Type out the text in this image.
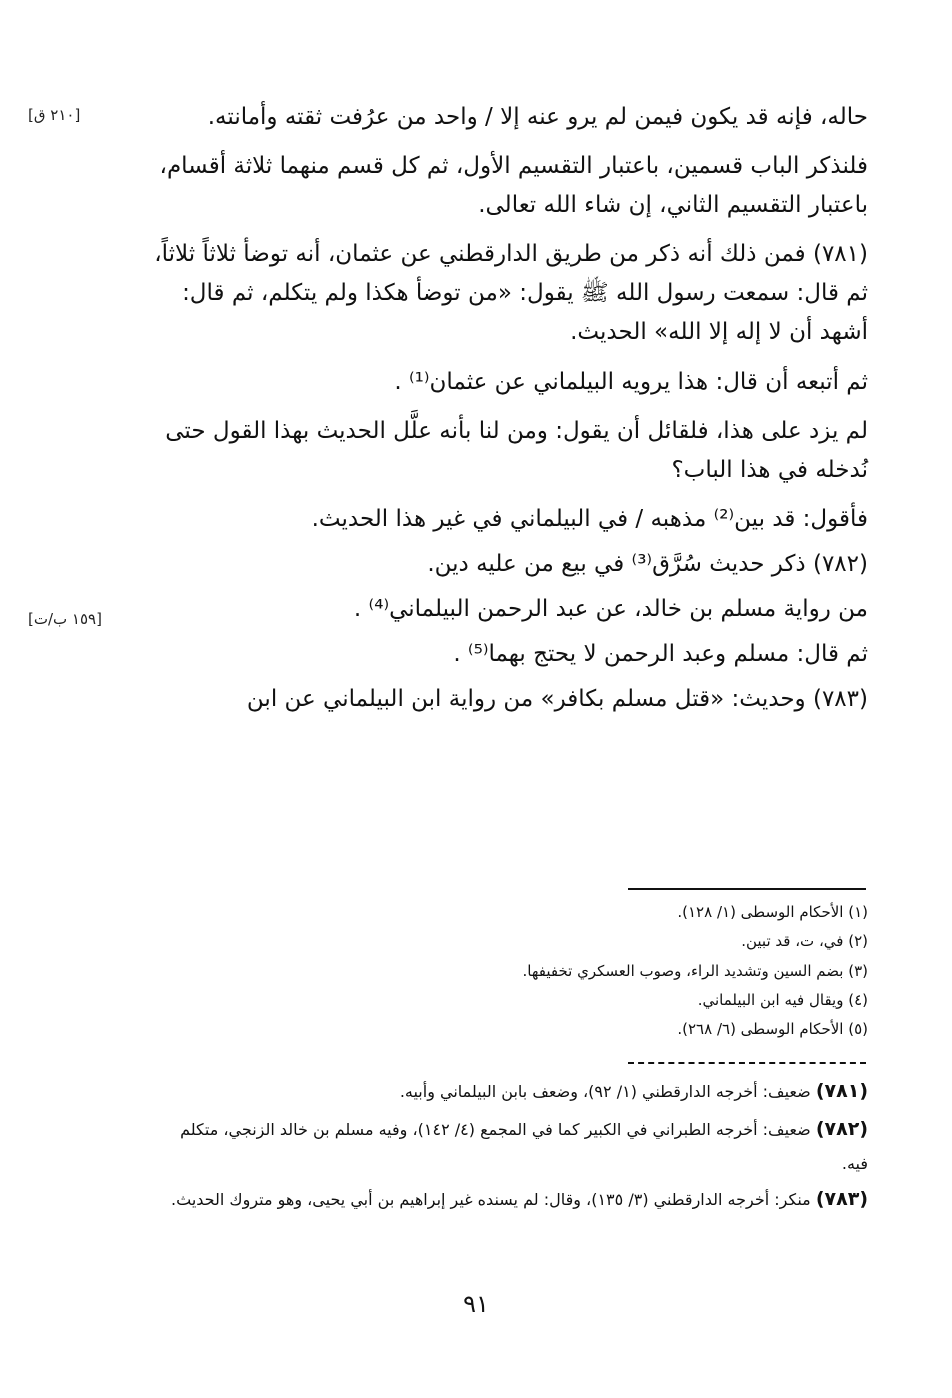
[٢١٠ ق]
[١٥٩ ب/ت]

حاله، فإنه قد يكون فيمن لم يرو عنه إلا / واحد من عرُفت ثقته وأمانته.

فلنذكر الباب قسمين، باعتبار التقسيم الأول، ثم كل قسم منهما ثلاثة أقسام، باعتبار التقسيم الثاني، إن شاء الله تعالى.

(٧٨١) فمن ذلك أنه ذكر من طريق الدارقطني عن عثمان، أنه توضأ ثلاثاً ثلاثاً، ثم قال: سمعت رسول الله ﷺ يقول: «من توضأ هكذا ولم يتكلم، ثم قال: أشهد أن لا إله إلا الله» الحديث.

ثم أتبعه أن قال: هذا يرويه البيلماني عن عثمان⁽¹⁾ .

لم يزد على هذا، فلقائل أن يقول: ومن لنا بأنه علَّل الحديث بهذا القول حتى نُدخله في هذا الباب؟

فأقول: قد بين⁽²⁾ مذهبه / في البيلماني في غير هذا الحديث.

(٧٨٢) ذكر حديث سُرَّق⁽³⁾ في بيع من عليه دين.

من رواية مسلم بن خالد، عن عبد الرحمن البيلماني⁽⁴⁾ .

ثم قال: مسلم وعبد الرحمن لا يحتج بهما⁽⁵⁾ .

(٧٨٣) وحديث: «قتل مسلم بكافر» من رواية ابن البيلماني عن ابن

(١) الأحكام الوسطى (١/ ١٢٨).

(٢) في، ت، قد تبين.

(٣) بضم السين وتشديد الراء، وصوب العسكري تخفيفها.

(٤) ويقال فيه ابن البيلماني.

(٥) الأحكام الوسطى (٦/ ٢٦٨).

(٧٨١) ضعيف: أخرجه الدارقطني (١/ ٩٢)، وضعف بابن البيلماني وأبيه.

(٧٨٢) ضعيف: أخرجه الطبراني في الكبير كما في المجمع (٤/ ١٤٢)، وفيه مسلم بن خالد الزنجي، متكلم فيه.

(٧٨٣) منكر: أخرجه الدارقطني (٣/ ١٣٥)، وقال: لم يسنده غير إبراهيم بن أبي يحيى، وهو متروك الحديث.

٩١
